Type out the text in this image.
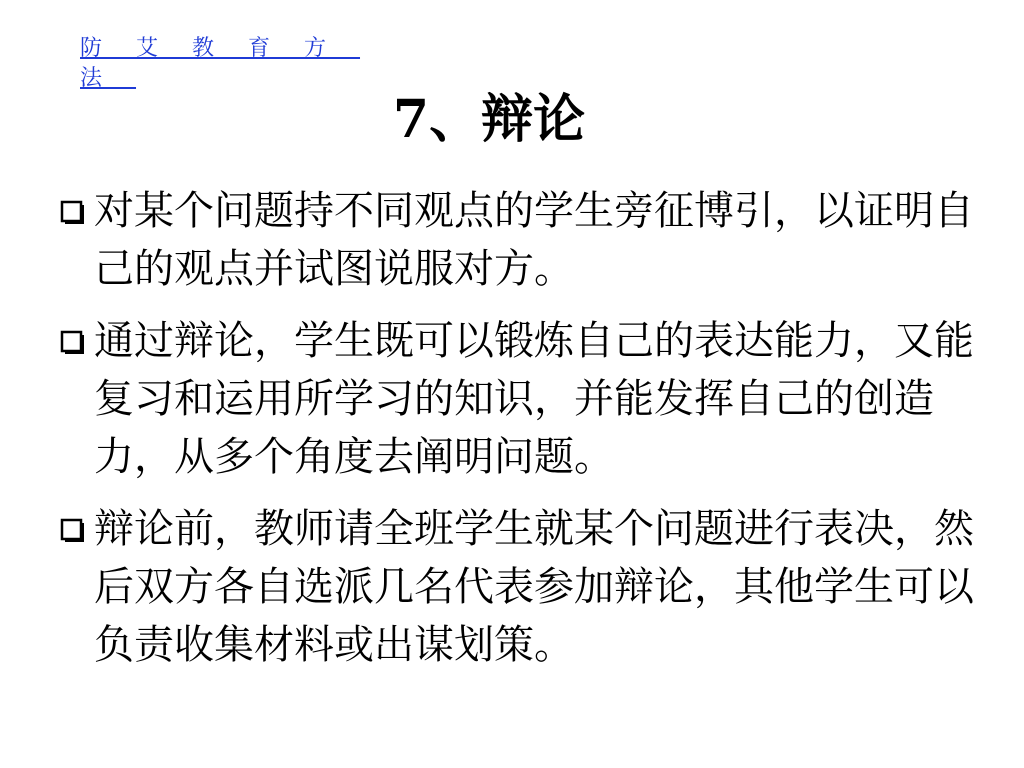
防艾教育方法
7、辩论
对某个问题持不同观点的学生旁征博引，以证明自己的观点并试图说服对方。
通过辩论，学生既可以锻炼自己的表达能力，又能复习和运用所学习的知识，并能发挥自己的创造力，从多个角度去阐明问题。
辩论前，教师请全班学生就某个问题进行表决，然后双方各自选派几名代表参加辩论，其他学生可以负责收集材料或出谋划策。
